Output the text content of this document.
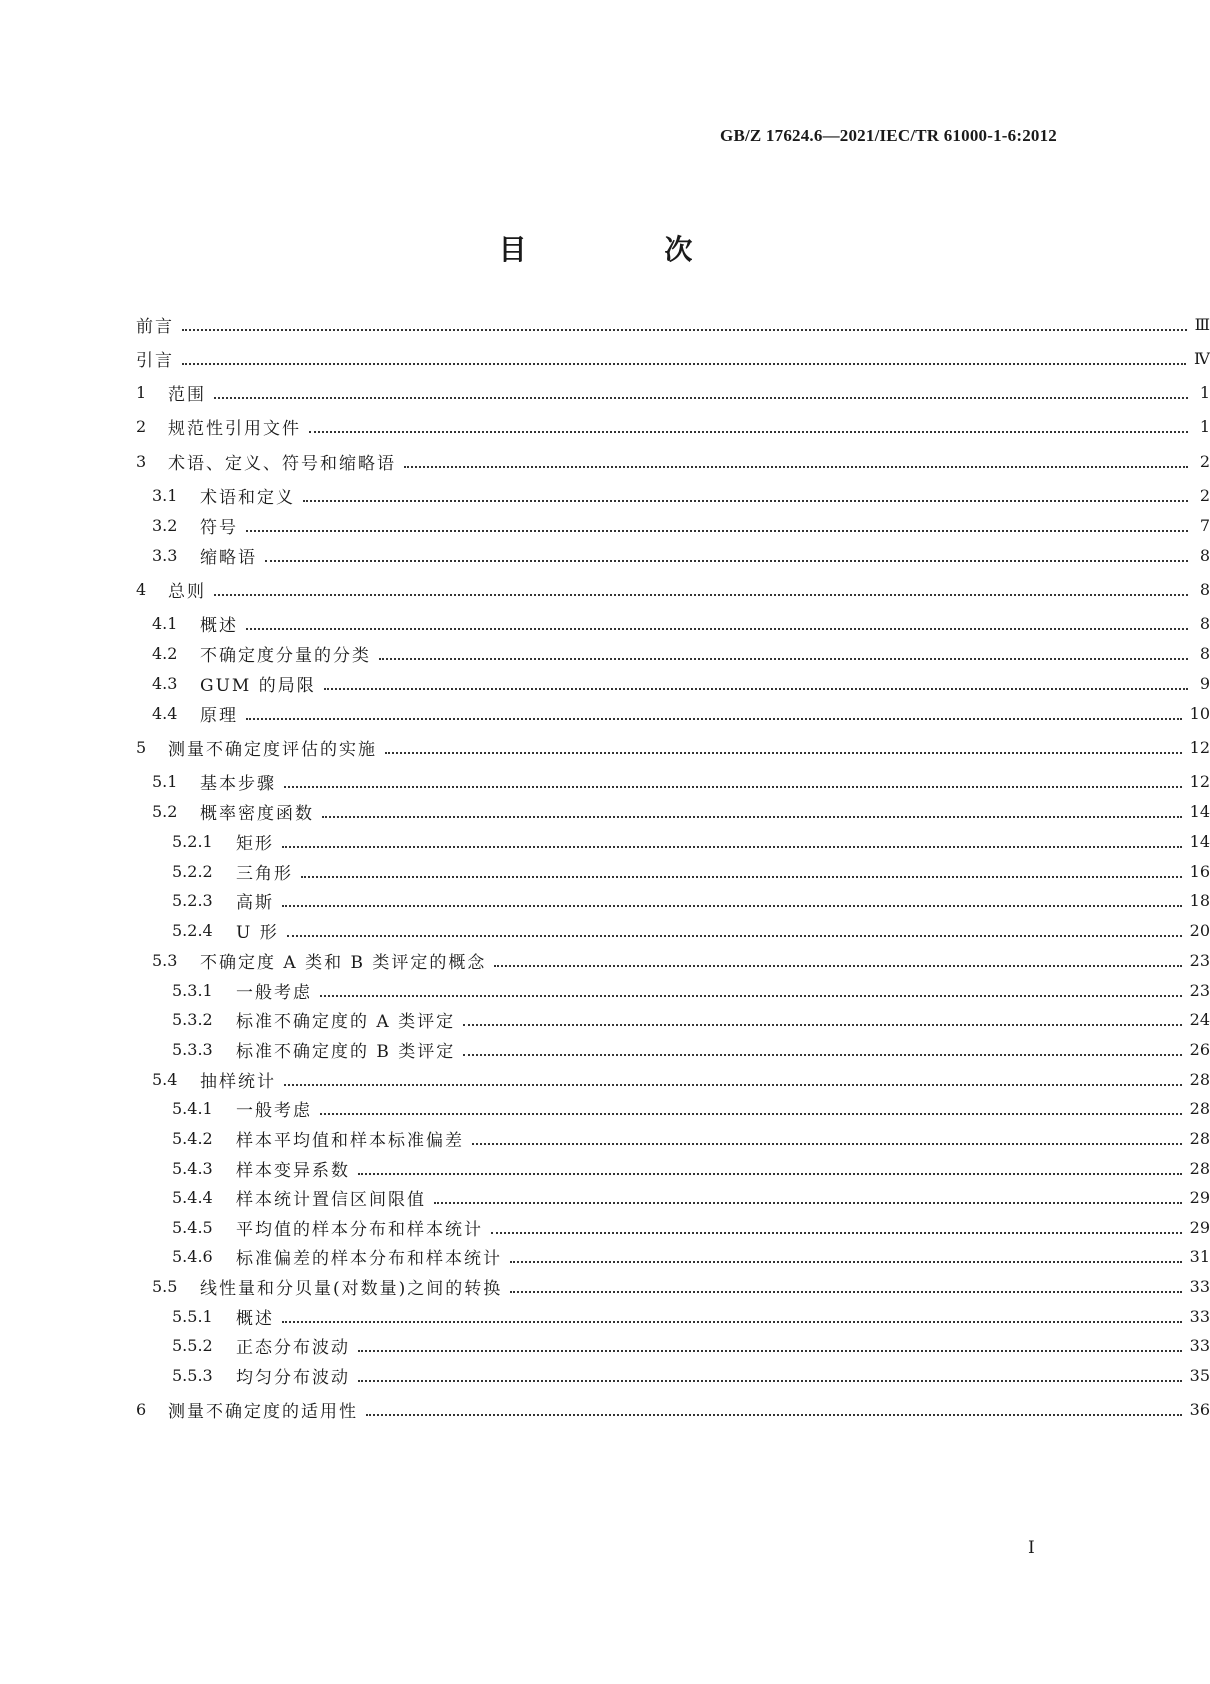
GB/Z 17624.6—2021/IEC/TR 61000-1-6:2012
目 次
前言	Ⅲ
引言	Ⅳ
1	范围	1
2	规范性引用文件	1
3	术语、定义、符号和缩略语	2
3.1	术语和定义	2
3.2	符号	7
3.3	缩略语	8
4	总则	8
4.1	概述	8
4.2	不确定度分量的分类	8
4.3	GUM 的局限	9
4.4	原理	10
5	测量不确定度评估的实施	12
5.1	基本步骤	12
5.2	概率密度函数	14
5.2.1	矩形	14
5.2.2	三角形	16
5.2.3	高斯	18
5.2.4	U 形	20
5.3	不确定度 A 类和 B 类评定的概念	23
5.3.1	一般考虑	23
5.3.2	标准不确定度的 A 类评定	24
5.3.3	标准不确定度的 B 类评定	26
5.4	抽样统计	28
5.4.1	一般考虑	28
5.4.2	样本平均值和样本标准偏差	28
5.4.3	样本变异系数	28
5.4.4	样本统计置信区间限值	29
5.4.5	平均值的样本分布和样本统计	29
5.4.6	标准偏差的样本分布和样本统计	31
5.5	线性量和分贝量(对数量)之间的转换	33
5.5.1	概述	33
5.5.2	正态分布波动	33
5.5.3	均匀分布波动	35
6	测量不确定度的适用性	36
I
